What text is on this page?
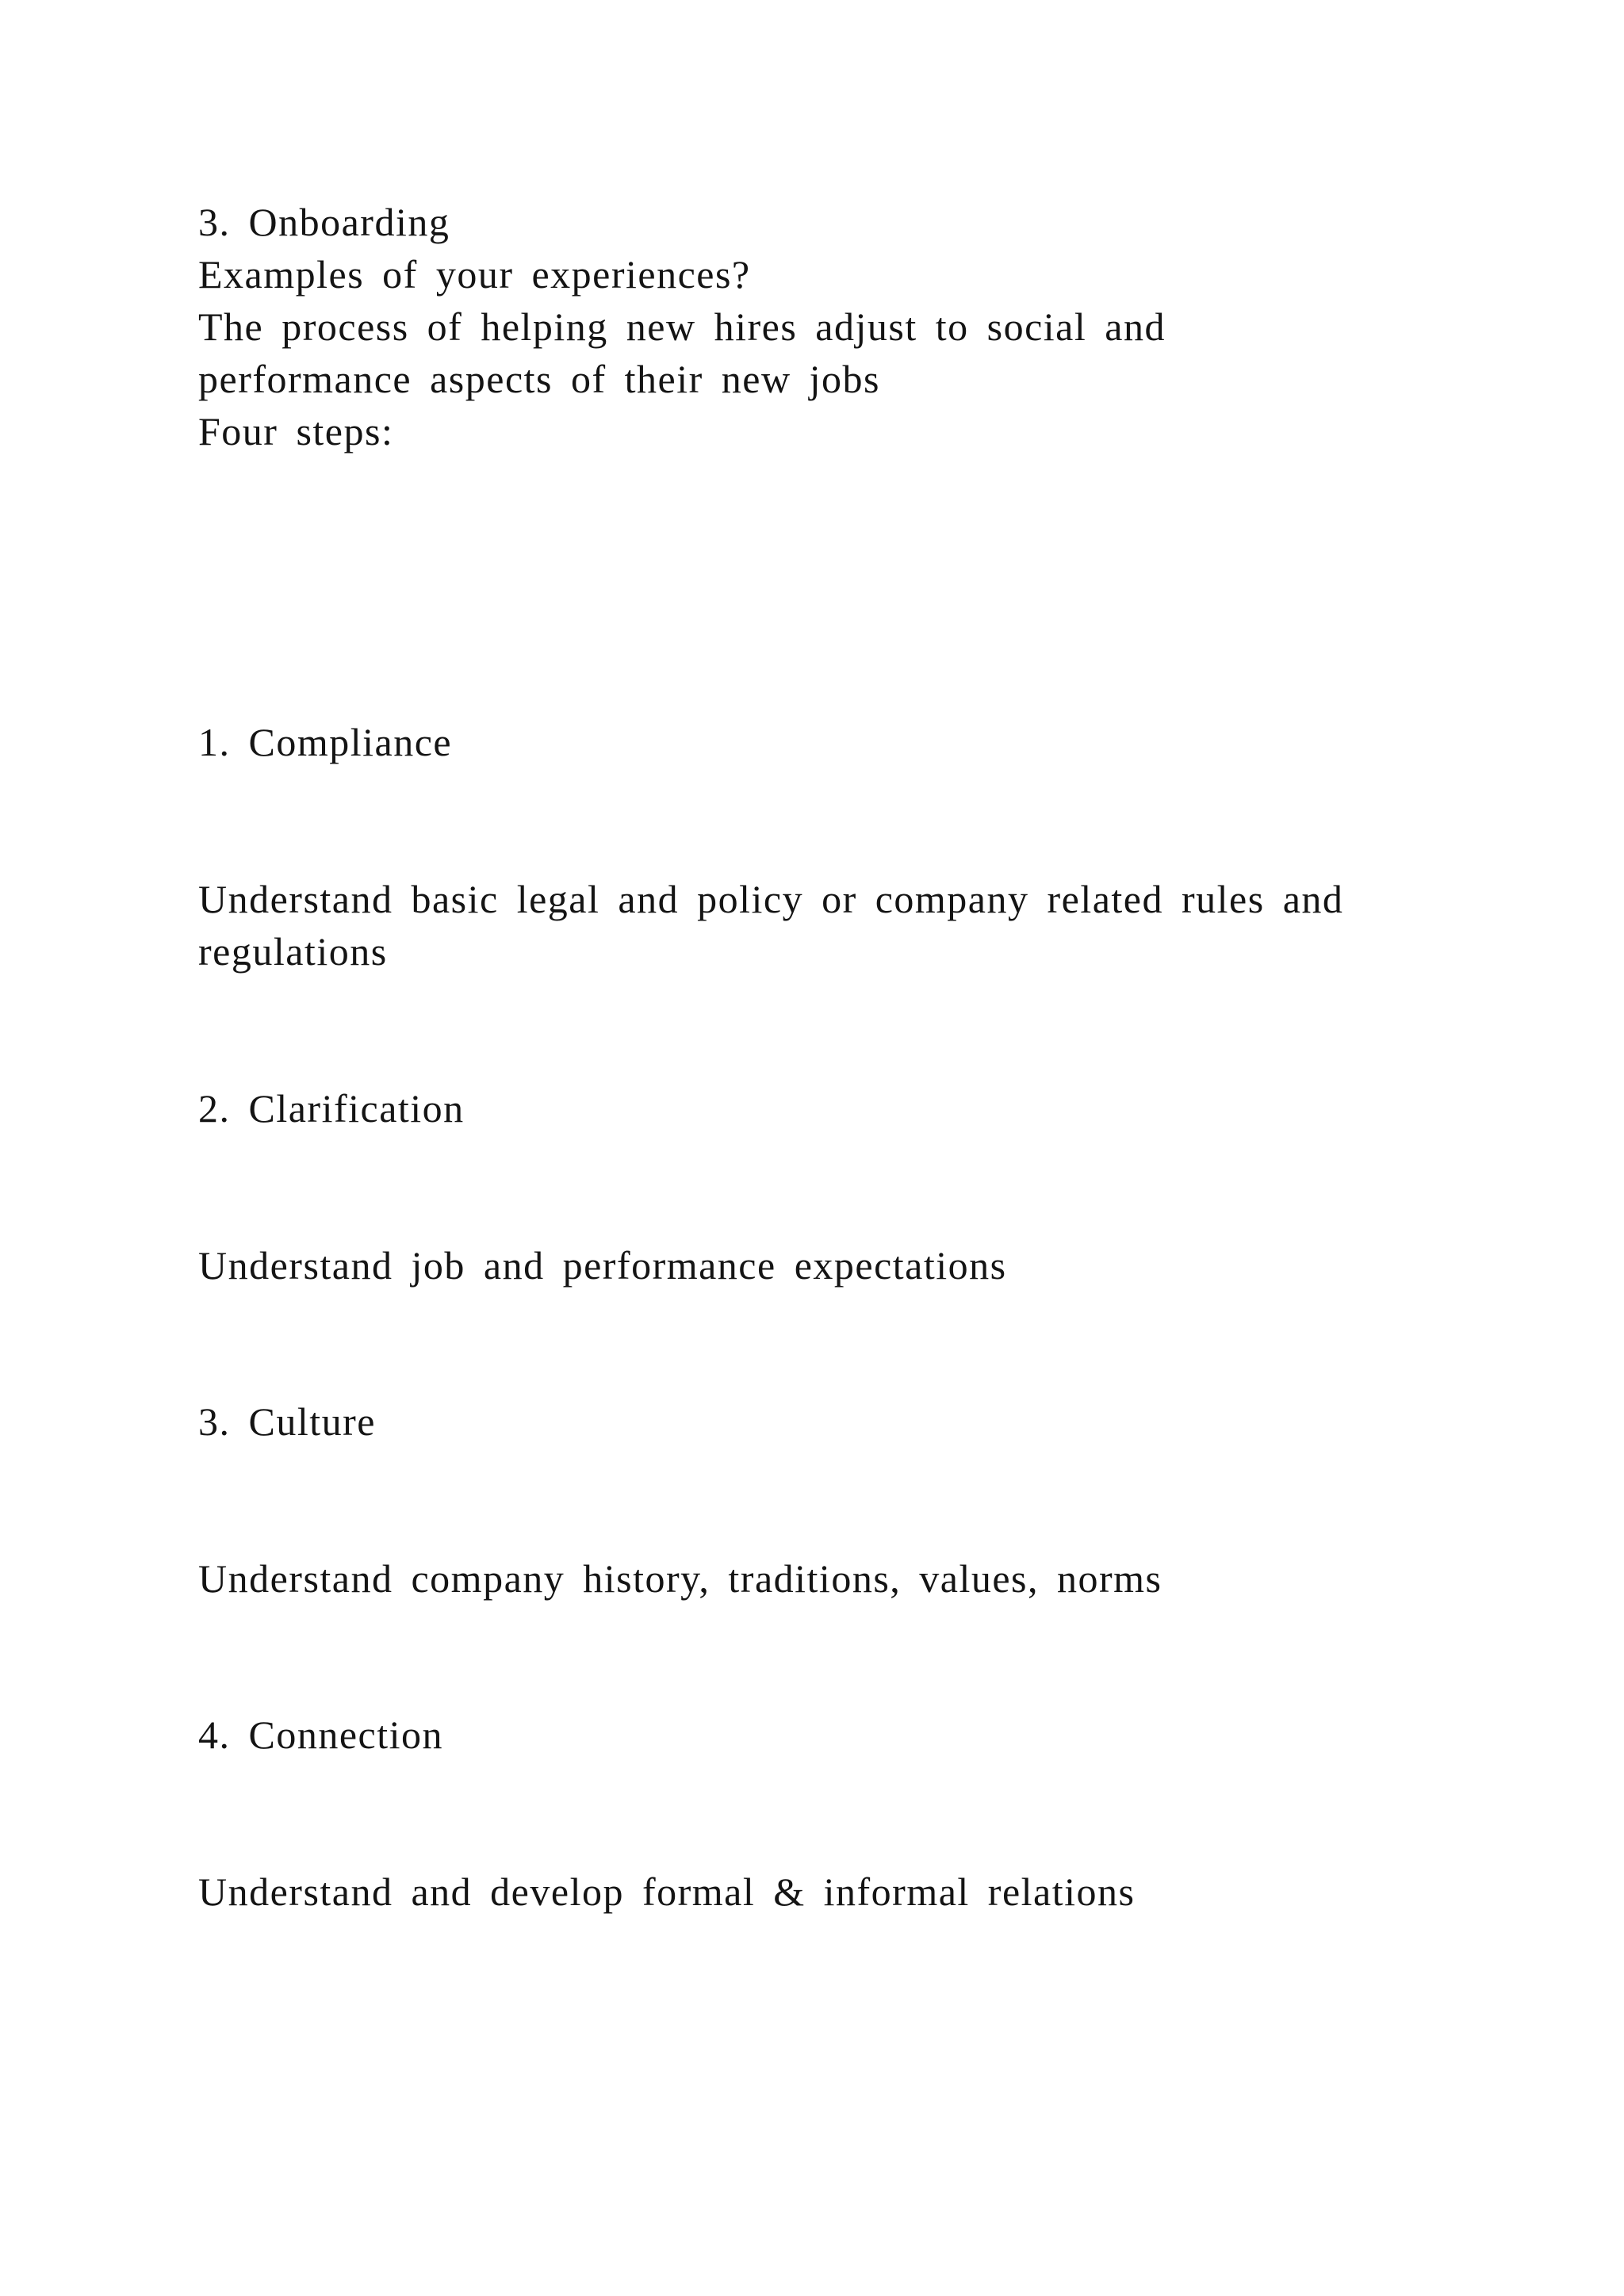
3. Onboarding

Examples of your experiences?

The process of helping new hires adjust to social and

performance aspects of their new jobs

Four steps:

1. Compliance

Understand basic legal and policy or company related rules and

regulations

2. Clarification

Understand job and performance expectations

3. Culture

Understand company history, traditions, values, norms

4. Connection

Understand and develop formal & informal relations
